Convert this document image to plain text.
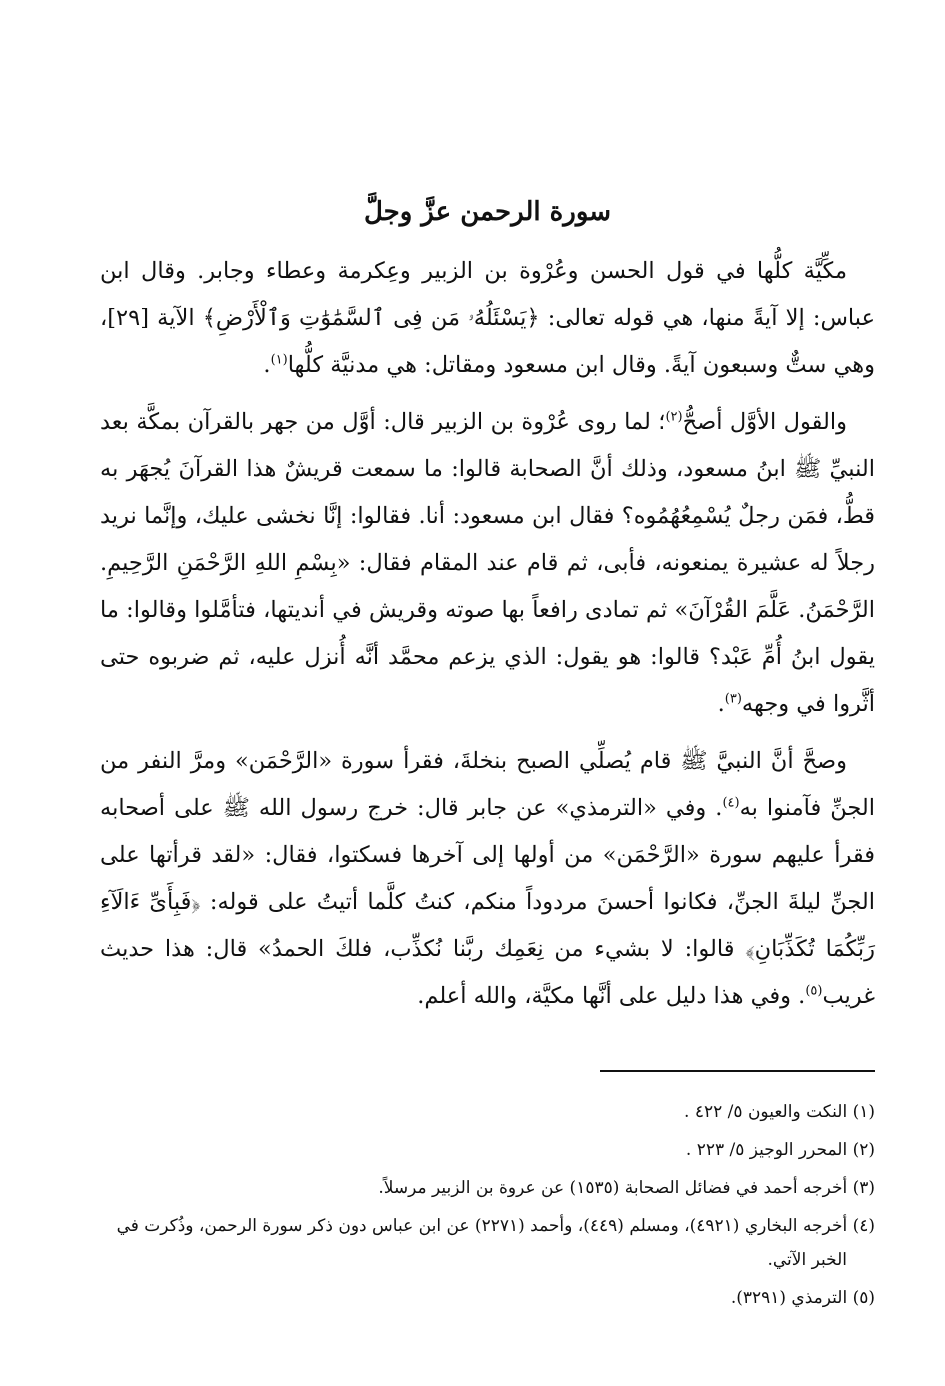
سورة الرحمن عزَّ وجلَّ

مكِّيَّة كلُّها في قول الحسن وعُرْوة بن الزبير وعِكرمة وعطاء وجابر. وقال ابن عباس: إلا آيةً منها، هي قوله تعالى: ﴿يَسْئَلُهُۥ مَن فِى ٱلسَّمَٰوَٰتِ وَٱلْأَرْضِ﴾ الآية [٢٩]، وهي ستٌّ وسبعون آيةً. وقال ابن مسعود ومقاتل: هي مدنيَّة كلُّها$^{(١)}$.

والقول الأوَّل أصحُّ$^{(٢)}$؛ لما روى عُرْوة بن الزبير قال: أوَّل من جهر بالقرآن بمكَّة بعد النبيِّ ﷺ ابنُ مسعود، وذلك أنَّ الصحابة قالوا: ما سمعت قريشٌ هذا القرآنَ يُجهَر به قطُّ، فمَن رجلٌ يُسْمِعُهُمُوه؟ فقال ابن مسعود: أنا. فقالوا: إنَّا نخشى عليك، وإنَّما نريد رجلاً له عشيرة يمنعونه، فأبى، ثم قام عند المقام فقال: «بِسْمِ اللهِ الرَّحْمَنِ الرَّحِيمِ. الرَّحْمَنُ. عَلَّمَ القُرْآنَ» ثم تمادى رافعاً بها صوته وقريش في أنديتها، فتأمَّلوا وقالوا: ما يقول ابنُ أُمِّ عَبْد؟ قالوا: هو يقول: الذي يزعم محمَّد أنَّه أُنزل عليه، ثم ضربوه حتى أثَّروا في وجهه$^{(٣)}$.

وصحَّ أنَّ النبيَّ ﷺ قام يُصلِّي الصبح بنخلةَ، فقرأ سورة «الرَّحْمَن» ومرَّ النفر من الجنِّ فآمنوا به$^{(٤)}$. وفي «الترمذي» عن جابر قال: خرج رسول الله ﷺ على أصحابه فقرأ عليهم سورة «الرَّحْمَن» من أولها إلى آخرها فسكتوا، فقال: «لقد قرأتها على الجنِّ ليلةَ الجنِّ، فكانوا أحسنَ مردوداً منكم، كنتُ كلَّما أتيتُ على قوله: ﴿فَبِأَىِّ ءَالَآءِ رَبِّكُمَا تُكَذِّبَانِ﴾ قالوا: لا بشيء من نِعَمِك ربَّنا نُكذِّب، فلكَ الحمدُ» قال: هذا حديث غريب$^{(٥)}$. وفي هذا دليل على أنَّها مكيَّة، والله أعلم.

(١) النكت والعيون ٥/ ٤٢٢ .

(٢) المحرر الوجيز ٥/ ٢٢٣ .

(٣) أخرجه أحمد في فضائل الصحابة (١٥٣٥) عن عروة بن الزبير مرسلاً.

(٤) أخرجه البخاري (٤٩٢١)، ومسلم (٤٤٩)، وأحمد (٢٢٧١) عن ابن عباس دون ذكر سورة الرحمن، وذُكرت في الخبر الآتي.

(٥) الترمذي (٣٢٩١).
